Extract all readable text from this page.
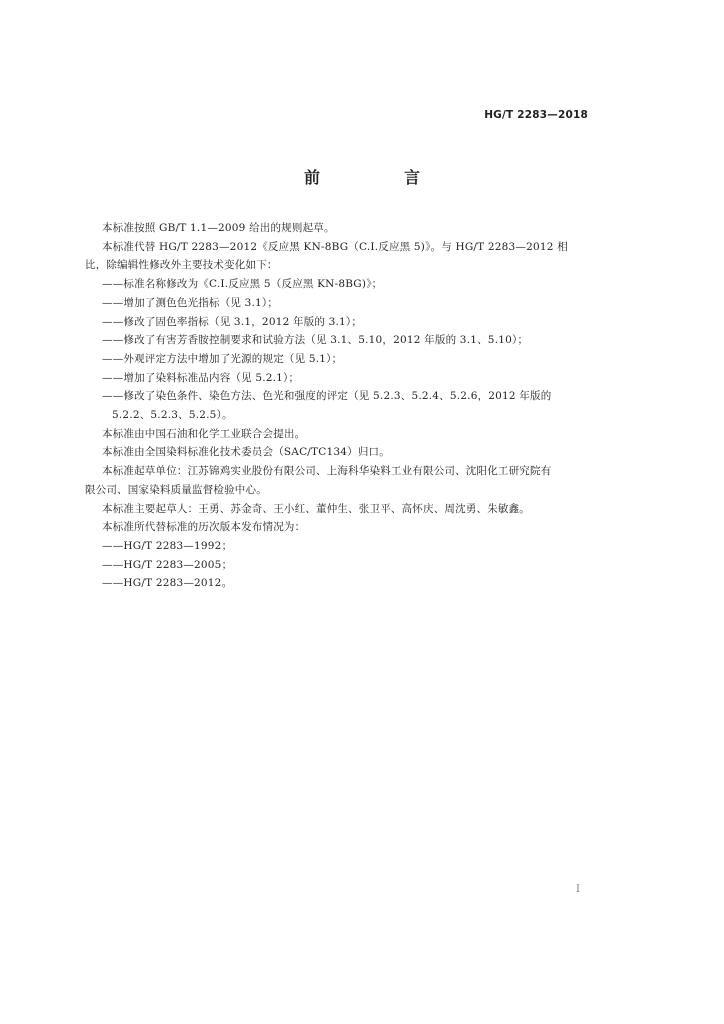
HG/T 2283—2018
前　言
本标准按照 GB/T 1.1—2009 给出的规则起草。
本标准代替 HG/T 2283—2012《反应黑 KN-8BG（C.I.反应黑 5)》。与 HG/T 2283—2012 相
比，除编辑性修改外主要技术变化如下：
——标准名称修改为《C.I.反应黑 5（反应黑 KN-8BG)》；
——增加了测色色光指标（见 3.1）；
——修改了固色率指标（见 3.1，2012 年版的 3.1）；
——修改了有害芳香胺控制要求和试验方法（见 3.1、5.10，2012 年版的 3.1、5.10）；
——外观评定方法中增加了光源的规定（见 5.1）；
——增加了染料标准品内容（见 5.2.1）；
——修改了染色条件、染色方法、色光和强度的评定（见 5.2.3、5.2.4、5.2.6，2012 年版的
5.2.2、5.2.3、5.2.5）。
本标准由中国石油和化学工业联合会提出。
本标准由全国染料标准化技术委员会（SAC/TC134）归口。
本标准起草单位：江苏锦鸡实业股份有限公司、上海科华染料工业有限公司、沈阳化工研究院有
限公司、国家染料质量监督检验中心。
本标准主要起草人：王勇、苏金奇、王小红、董仲生、张卫平、高怀庆、周沈勇、朱敏鑫。
本标准所代替标准的历次版本发布情况为：
——HG/T 2283—1992；
——HG/T 2283—2005；
——HG/T 2283—2012。
I
